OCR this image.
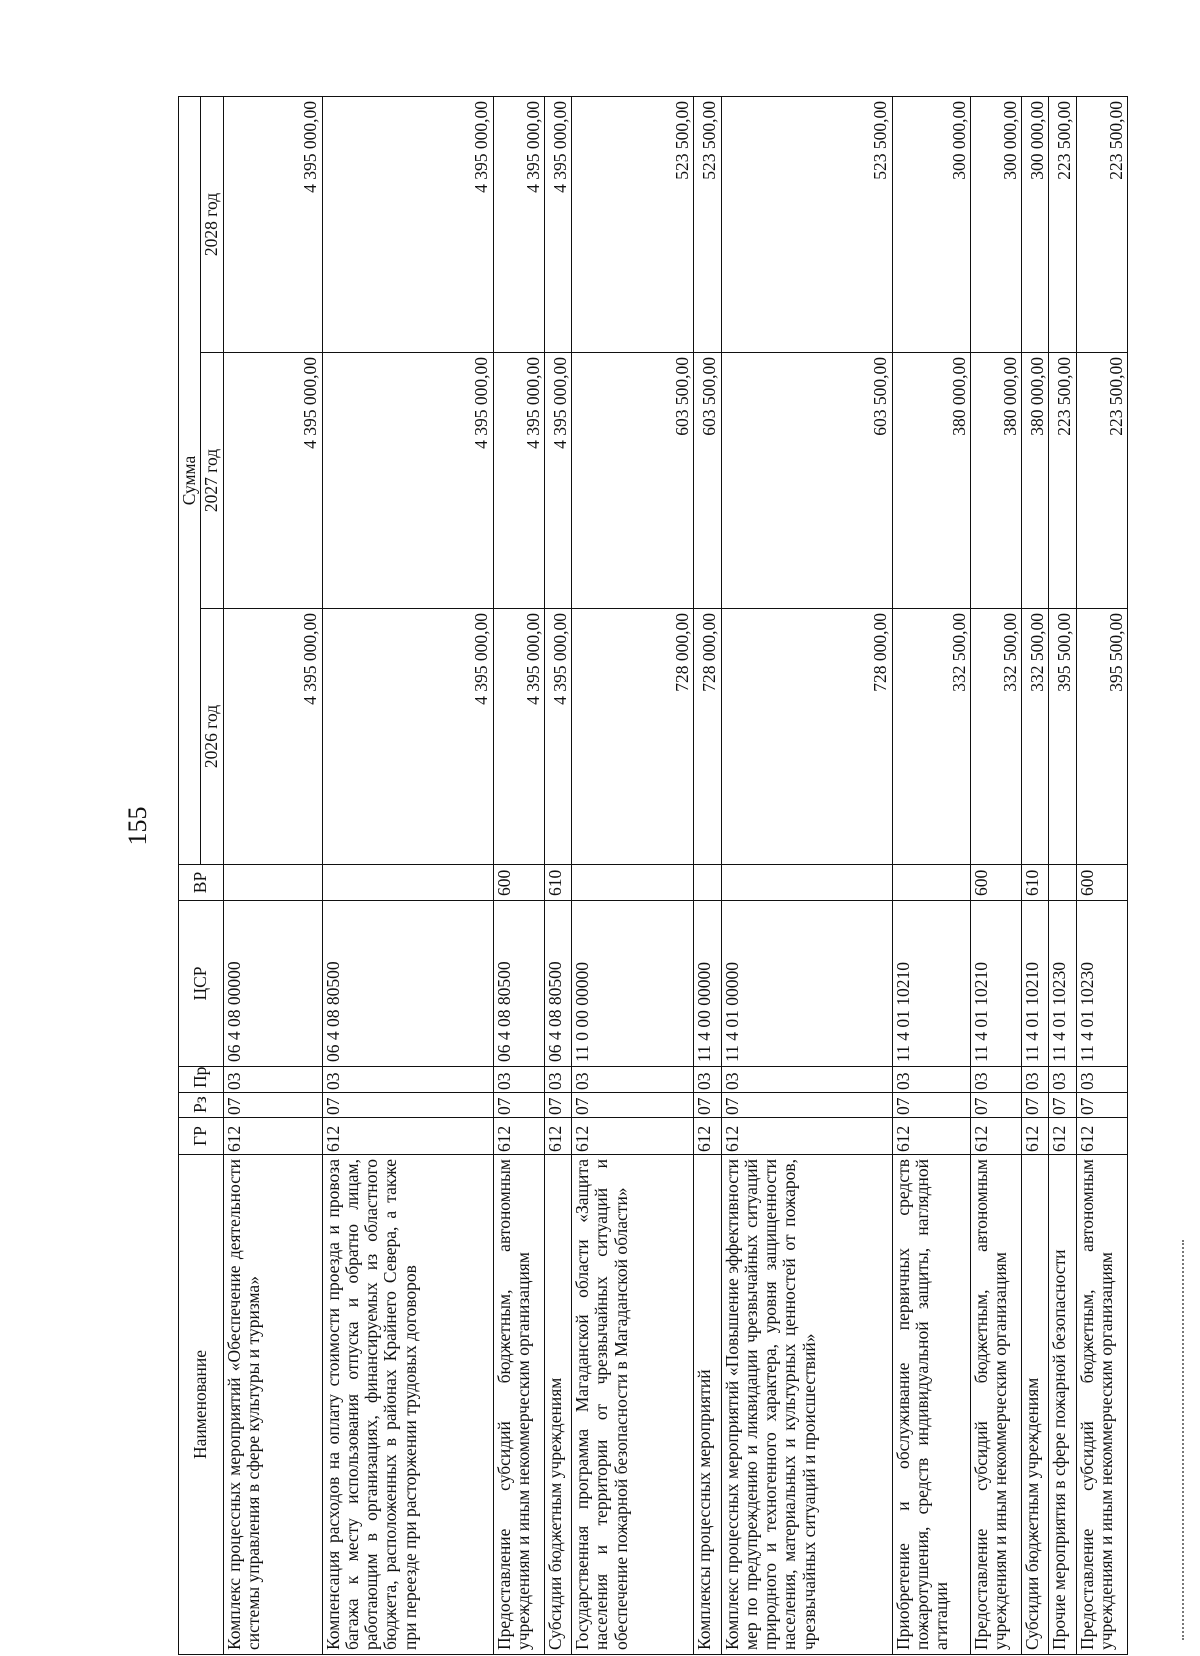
155
Наименование	ГР	Рз	Пр	ЦСР	ВР	Сумма		
						2026 год	2027 год	2028 год
Комплекс процессных мероприятий «Обеспечение деятельности системы управления в сфере культуры и туризма»	612	07	03	06 4 08 00000		4 395 000,00	4 395 000,00	4 395 000,00
Компенсация расходов на оплату стоимости проезда и провоза багажа к месту использования отпуска и обратно лицам, работающим в организациях, финансируемых из областного бюджета, расположенных в районах Крайнего Севера, а также при переезде при расторжении трудовых договоров	612	07	03	06 4 08 80500		4 395 000,00	4 395 000,00	4 395 000,00
Предоставление субсидий бюджетным, автономным учреждениям и иным некоммерческим организациям	612	07	03	06 4 08 80500	600	4 395 000,00	4 395 000,00	4 395 000,00
Субсидии бюджетным учреждениям	612	07	03	06 4 08 80500	610	4 395 000,00	4 395 000,00	4 395 000,00
Государственная программа Магаданской области «Защита населения и территории от чрезвычайных ситуаций и обеспечение пожарной безопасности в Магаданской области»	612	07	03	11 0 00 00000		728 000,00	603 500,00	523 500,00
Комплексы процессных мероприятий	612	07	03	11 4 00 00000		728 000,00	603 500,00	523 500,00
Комплекс процессных мероприятий «Повышение эффективности мер по предупреждению и ликвидации чрезвычайных ситуаций природного и техногенного характера, уровня защищенности населения, материальных и культурных ценностей от пожаров, чрезвычайных ситуаций и происшествий»	612	07	03	11 4 01 00000		728 000,00	603 500,00	523 500,00
Приобретение и обслуживание первичных средств пожаротушения, средств индивидуальной защиты, наглядной агитации	612	07	03	11 4 01 10210		332 500,00	380 000,00	300 000,00
Предоставление субсидий бюджетным, автономным учреждениям и иным некоммерческим организациям	612	07	03	11 4 01 10210	600	332 500,00	380 000,00	300 000,00
Субсидии бюджетным учреждениям	612	07	03	11 4 01 10210	610	332 500,00	380 000,00	300 000,00
Прочие мероприятия в сфере пожарной безопасности	612	07	03	11 4 01 10230		395 500,00	223 500,00	223 500,00
Предоставление субсидий бюджетным, автономным учреждениям и иным некоммерческим организациям	612	07	03	11 4 01 10230	600	395 500,00	223 500,00	223 500,00
